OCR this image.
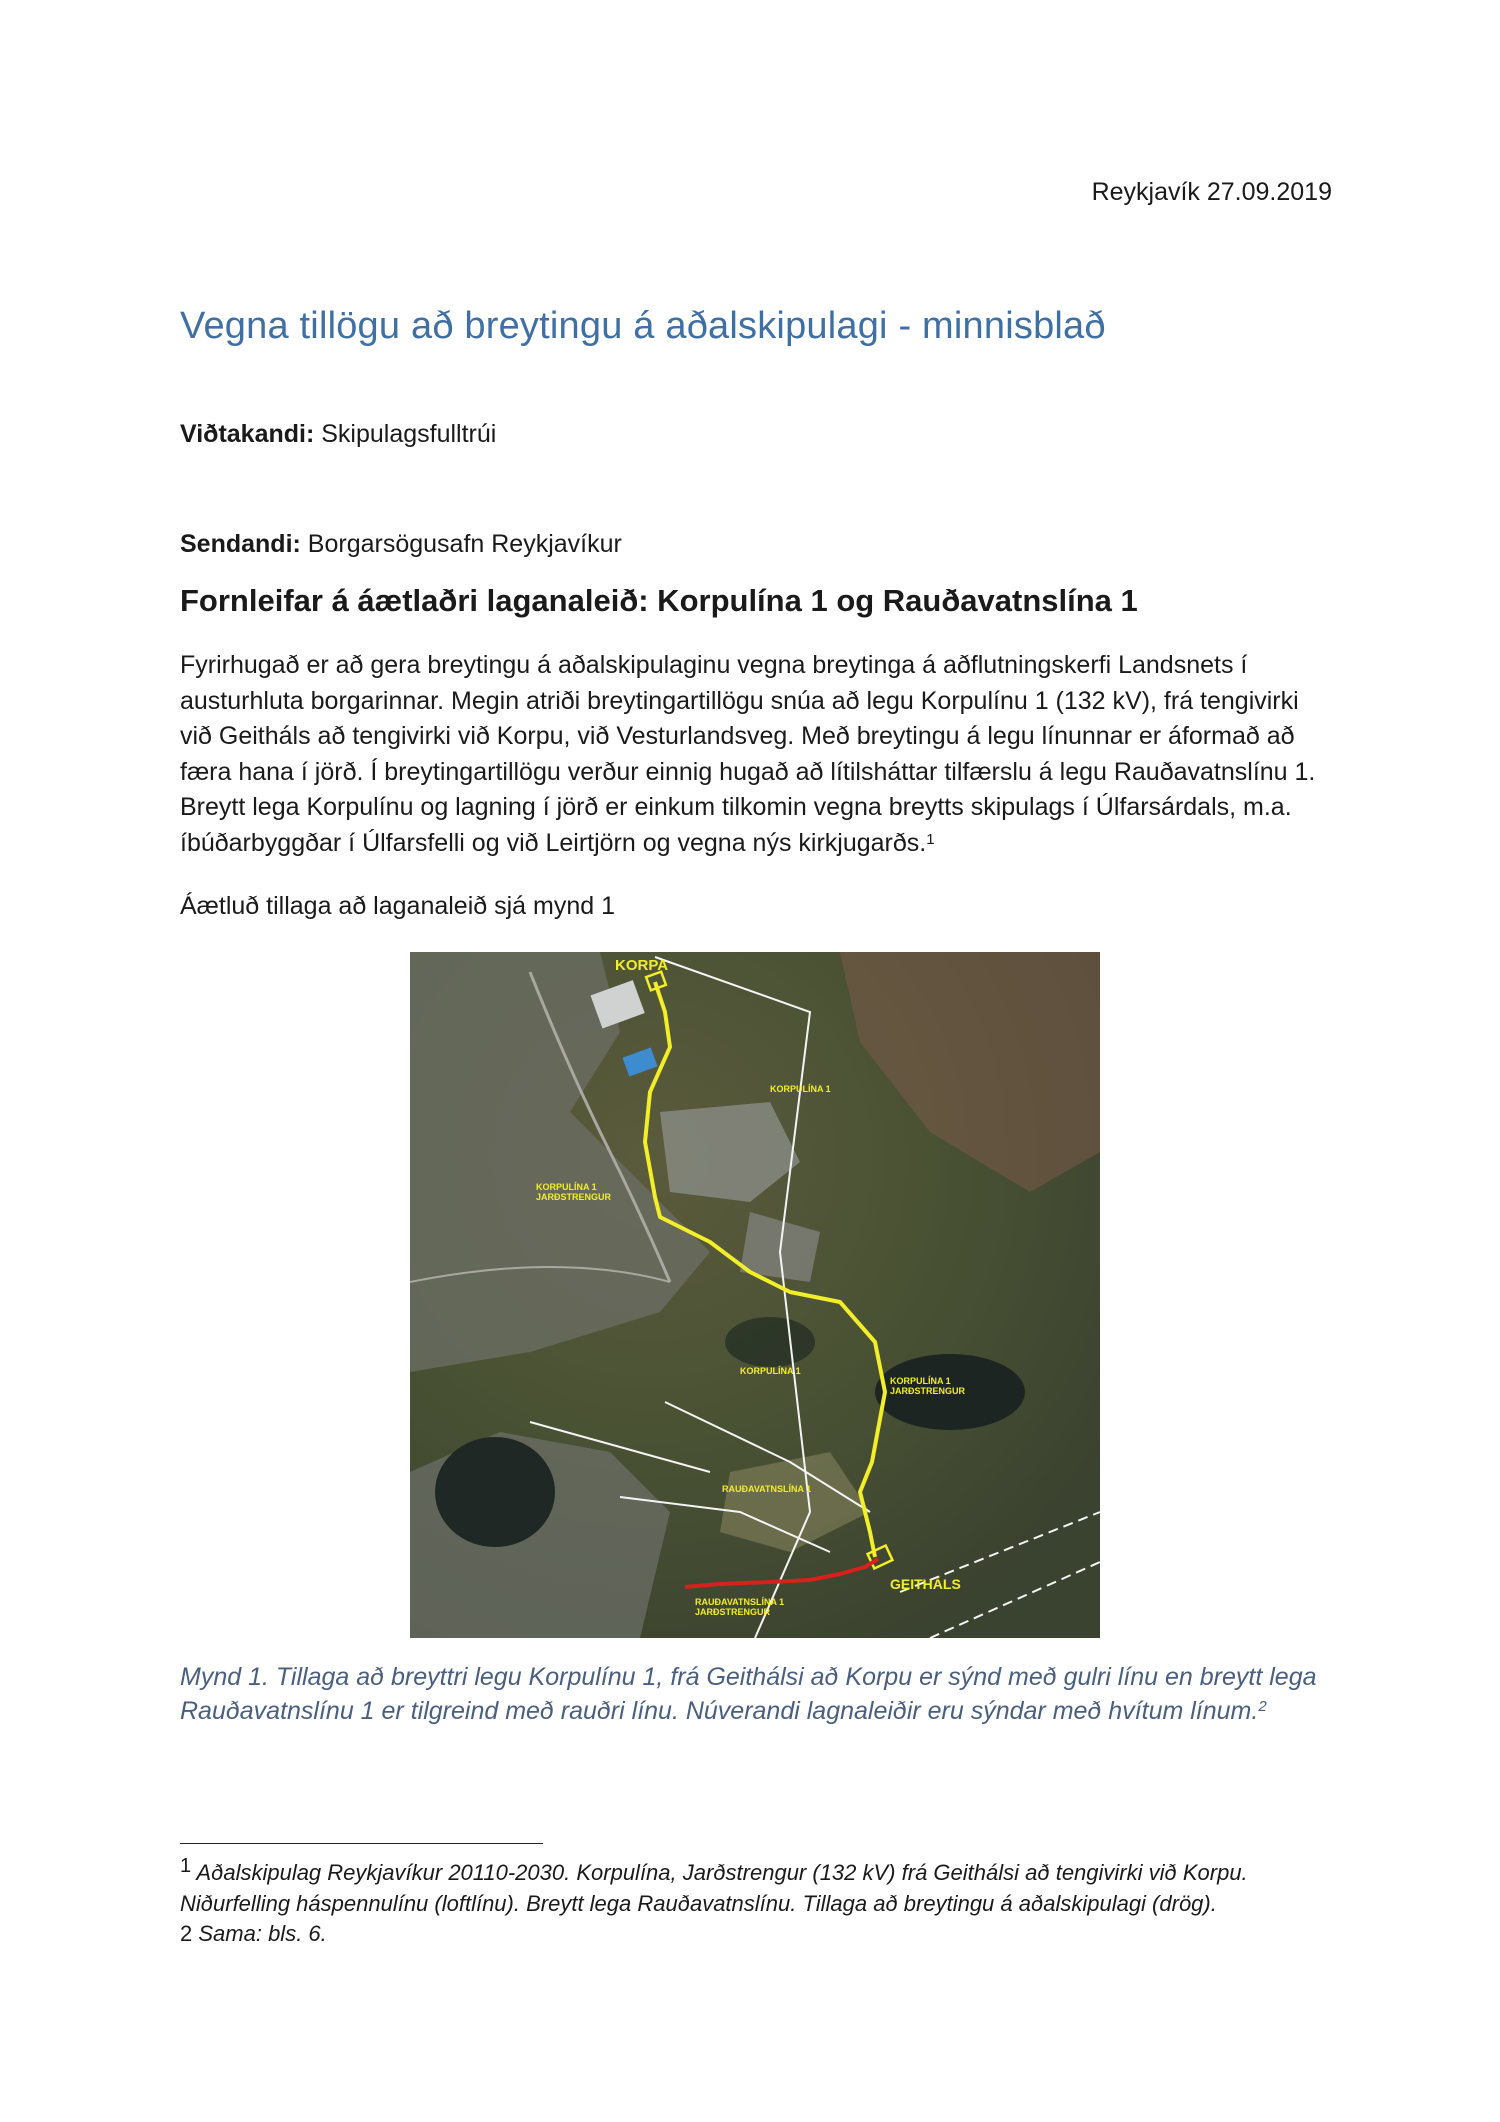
Reykjavík 27.09.2019
Vegna tillögu að breytingu á aðalskipulagi - minnisblað
Viðtakandi: Skipulagsfulltrúi
Sendandi: Borgarsögusafn Reykjavíkur
Fornleifar á áætlaðri laganaleið: Korpulína 1 og Rauðavatnslína 1
Fyrirhugað er að gera breytingu á aðalskipulaginu vegna breytinga á aðflutningskerfi Landsnets í austurhluta borgarinnar. Megin atriði breytingartillögu snúa að legu Korpulínu 1 (132 kV), frá tengivirki við Geitháls að tengivirki við Korpu, við Vesturlandsveg. Með breytingu á legu línunnar er áformað að færa hana í jörð. Í breytingartillögu verður einnig hugað að lítilsháttar tilfærslu á legu Rauðavatnslínu 1. Breytt lega Korpulínu og lagning í jörð er einkum tilkomin vegna breytts skipulags í Úlfarsárdals, m.a. íbúðarbyggðar í Úlfarsfelli og við Leirtjörn og vegna nýs kirkjugarðs.$^1$
Áætluð tillaga að laganaleið sjá mynd 1
KORPA
KORPULÍNA 1
KORPULÍNA 1
JARÐSTRENGUR
KORPULÍNA 1
KORPULÍNA 1
JARÐSTRENGUR
RAUÐAVATNSLÍNA 1
GEITHÁLS
RAUÐAVATNSLÍNA 1
JARÐSTRENGUR
Mynd 1. Tillaga að breyttri legu Korpulínu 1, frá Geithálsi að Korpu er sýnd með gulri línu en breytt lega Rauðavatnslínu 1 er tilgreind með rauðri línu. Núverandi lagnaleiðir eru sýndar með hvítum línum.$^2$
1 Aðalskipulag Reykjavíkur 20110-2030. Korpulína, Jarðstrengur (132 kV) frá Geithálsi að tengivirki við Korpu. Niðurfelling háspennulínu (loftlínu). Breytt lega Rauðavatnslínu. Tillaga að breytingu á aðalskipulagi (drög).
2 Sama: bls. 6.
